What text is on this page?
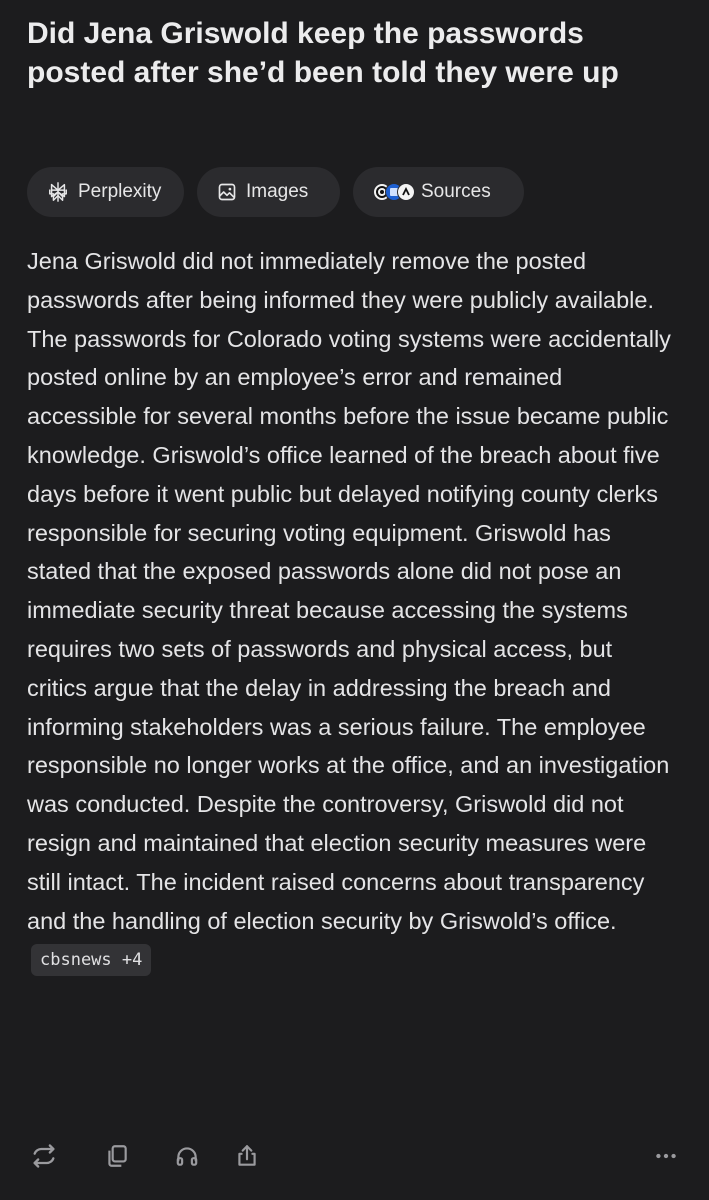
Did Jena Griswold keep the passwords posted after she’d been told they were up
Perplexity	Images	Sources

Jena Griswold did not immediately remove the posted passwords after being informed they were publicly available. The passwords for Colorado voting systems were accidentally posted online by an employee’s error and remained accessible for several months before the issue became public knowledge. Griswold’s office learned of the breach about five days before it went public but delayed notifying county clerks responsible for securing voting equipment. Griswold has stated that the exposed passwords alone did not pose an immediate security threat because accessing the systems requires two sets of passwords and physical access, but critics argue that the delay in addressing the breach and informing stakeholders was a serious failure. The employee responsible no longer works at the office, and an investigation was conducted. Despite the controversy, Griswold did not resign and maintained that election security measures were still intact. The incident raised concerns about transparency and the handling of election security by Griswold’s office. cbsnews +4
